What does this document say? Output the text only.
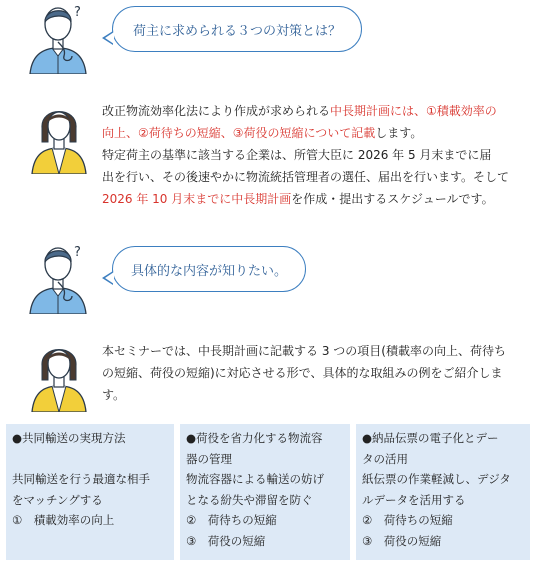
?
荷主に求められる３つの対策とは？
改正物流効率化法により作成が求められる中長期計画には、①積載効率の
向上、②荷待ちの短縮、③荷役の短縮について記載します。
特定荷主の基準に該当する企業は、所管大臣に 2026 年 5 月末までに届
出を行い、その後速やかに物流統括管理者の選任、届出を行います。そして
2026 年 10 月末までに中長期計画を作成・提出するスケジュールです。
?
具体的な内容が知りたい。
本セミナーでは、中長期計画に記載する 3 つの項目(積載率の向上、荷待ち
の短縮、荷役の短縮)に対応させる形で、具体的な取組みの例をご紹介しま
す。
●共同輸送の実現方法
共同輸送を行う最適な相手
をマッチングする
①　積載効率の向上
●荷役を省力化する物流容
器の管理
物流容器による輸送の妨げ
となる紛失や滞留を防ぐ
②　荷待ちの短縮
③　荷役の短縮
●納品伝票の電子化とデー
タの活用
紙伝票の作業軽減し、デジタ
ルデータを活用する
②　荷待ちの短縮
③　荷役の短縮
